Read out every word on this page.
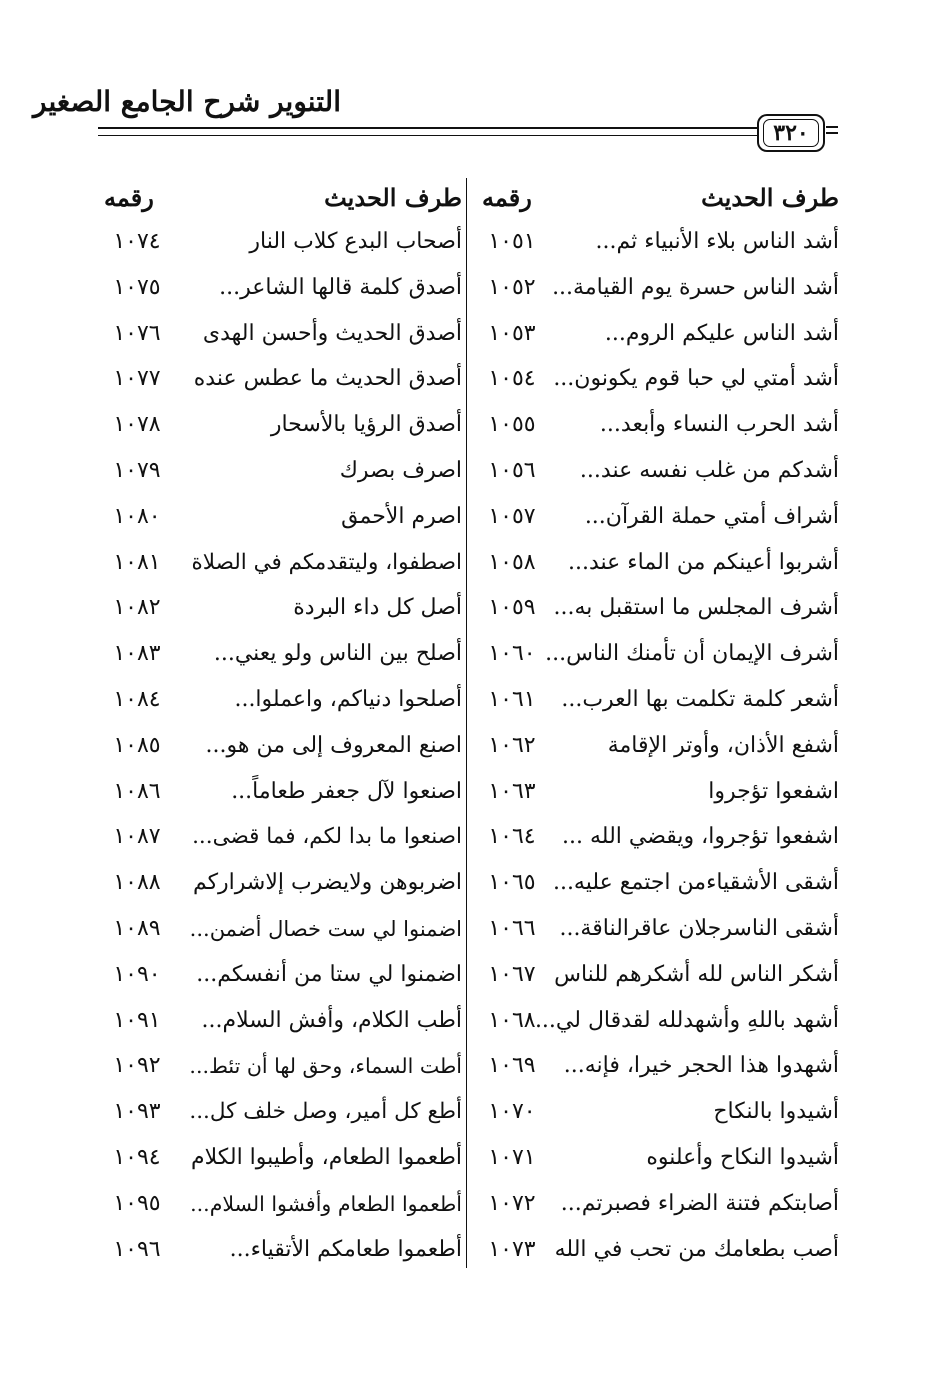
التنوير شرح الجامع الصغير
٣٢٠
طرف الحديث
رقمه
طرف الحديث
رقمه
أشد الناس بلاء الأنبياء ثم...
١٠٥١
أصحاب البدع كلاب النار
١٠٧٤
أشد الناس حسرة يوم القيامة...
١٠٥٢
أصدق كلمة قالها الشاعر...
١٠٧٥
أشد الناس عليكم الروم...
١٠٥٣
أصدق الحديث وأحسن الهدى
١٠٧٦
أشد أمتي لي حبا قوم يكونون...
١٠٥٤
أصدق الحديث ما عطس عنده
١٠٧٧
أشد الحرب النساء وأبعد...
١٠٥٥
أصدق الرؤيا بالأسحار
١٠٧٨
أشدكم من غلب نفسه عند...
١٠٥٦
اصرف بصرك
١٠٧٩
أشراف أمتي حملة القرآن...
١٠٥٧
اصرم الأحمق
١٠٨٠
أشربوا أعينكم من الماء عند...
١٠٥٨
اصطفوا، وليتقدمكم في الصلاة
١٠٨١
أشرف المجلس ما استقبل به...
١٠٥٩
أصل كل داء البردة
١٠٨٢
أشرف الإيمان أن تأمنك الناس...
١٠٦٠
أصلح بين الناس ولو يعني...
١٠٨٣
أشعر كلمة تكلمت بها العرب...
١٠٦١
أصلحوا دنياكم، واعملوا...
١٠٨٤
أشفع الأذان، وأوتر الإقامة
١٠٦٢
اصنع المعروف إلى من هو...
١٠٨٥
اشفعوا تؤجروا
١٠٦٣
اصنعوا لآل جعفر طعاماً...
١٠٨٦
اشفعوا تؤجروا، ويقضي الله ...
١٠٦٤
اصنعوا ما بدا لكم، فما قضى...
١٠٨٧
أشقى الأشقياءمن اجتمع عليه...
١٠٦٥
اضربوهن ولايضرب إلاشراركم
١٠٨٨
أشقى الناسرجلان عاقرالناقة...
١٠٦٦
اضمنوا لي ست خصال أضمن...
١٠٨٩
أشكر الناس لله أشكرهم للناس
١٠٦٧
اضمنوا لي ستا من أنفسكم...
١٠٩٠
أشهد باللهِ وأشهدلله لقدقال لي...
١٠٦٨
أطب الكلام، وأفش السلام...
١٠٩١
أشهدوا هذا الحجر خيرا، فإنه...
١٠٦٩
أطت السماء، وحق لها أن تئط...
١٠٩٢
أشيدوا بالنكاح
١٠٧٠
أطع كل أمير، وصل خلف كل...
١٠٩٣
أشيدوا النكاح وأعلنوه
١٠٧١
أطعموا الطعام، وأطيبوا الكلام
١٠٩٤
أصابتكم فتنة الضراء فصبرتم...
١٠٧٢
أطعموا الطعام وأفشوا السلام...
١٠٩٥
أصب بطعامك من تحب في الله
١٠٧٣
أطعموا طعامكم الأتقياء...
١٠٩٦
